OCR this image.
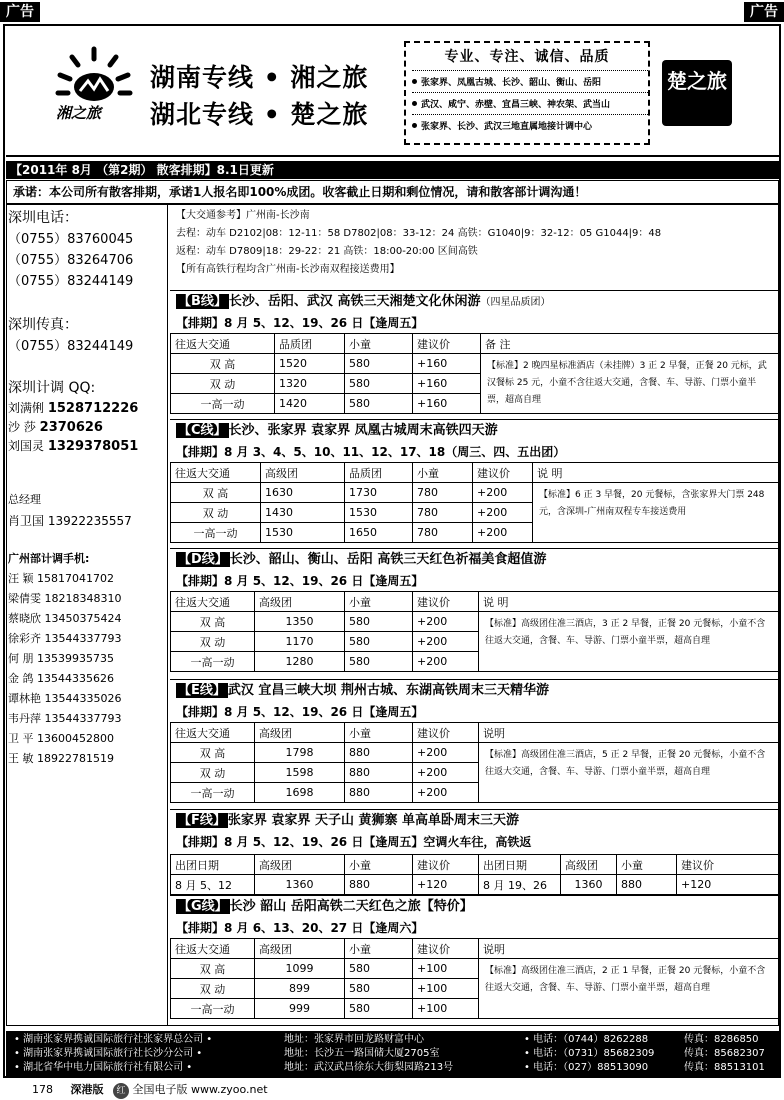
广告	广告
湘之旅
湖南专线 • 湘之旅
湖北专线 • 楚之旅
专业、专注、诚信、品质
张家界、凤凰古城、长沙、韶山、衡山、岳阳
武汉、咸宁、赤壁、宜昌三峡、神农架、武当山
张家界、长沙、武汉三地直属地接计调中心
楚之旅
【2011年 8月 （第2期） 散客排期】8.1日更新
承诺：本公司所有散客排期，承诺1人报名即100%成团。收客截止日期和剩位情况，请和散客部计调沟通！
深圳电话：
（0755）83760045
（0755）83264706
（0755）83244149
深圳传真：
（0755）83244149
深圳计调 QQ:
刘满俐 1528712226
沙 莎 2370626
刘国灵 1329378051
总经理
肖卫国 13922235557
广州部计调手机:
汪 颖 15817041702
梁倩雯 18218348310
蔡晓欣 13450375424
徐彩齐 13544337793
何 朋 13539935735
金 鸽 13544335626
谭林艳 13544335026
韦丹萍 13544337793
卫 平 13600452800
王 敏 18922781519
【大交通参考】广州南-长沙南
去程：动车 D2102|08：12-11：58 D7802|08：33-12：24 高铁：G1040|9：32-12：05 G1044|9：48
返程：动车 D7809|18：29-22：21 高铁：18:00-20:00 区间高铁
【所有高铁行程均含广州南-长沙南双程接送费用】
【B线】 长沙、岳阳、武汉 高铁三天湘楚文化休闲游（四星品质团）
【排期】8 月 5、12、19、26 日【逢周五】
往返大交通	品质团	小童	建议价	备 注
双 高	1520	580	+160	【标准】2 晚四星标准酒店（未挂牌）3 正 2 早餐，正餐 20 元标，武汉餐标 25 元，小童不含往返大交通，含餐、车、导游、门票小童半票，超高自理
双 动	1320	580	+160	
一高一动	1420	580	+160	
【C线】 长沙、张家界 袁家界 凤凰古城周末高铁四天游
【排期】8 月 3、4、5、10、11、12、17、18（周三、四、五出团）
往返大交通	高级团	品质团	小童	建议价	说 明
双 高	1630	1730	780	+200	【标准】6 正 3 早餐，20 元餐标，含张家界大门票 248 元，含深圳-广州南双程专车接送费用
双 动	1430	1530	780	+200	
一高一动	1530	1650	780	+200	
【D线】 长沙、韶山、衡山、岳阳 高铁三天红色祈福美食超值游
【排期】8 月 5、12、19、26 日【逢周五】
往返大交通	高级团	小童	建议价	说 明
双 高	1350	580	+200	【标准】高级团住准三酒店，3 正 2 早餐，正餐 20 元餐标，小童不含往返大交通，含餐、车、导游、门票小童半票，超高自理
双 动	1170	580	+200	
一高一动	1280	580	+200	
【E线】 武汉 宜昌三峡大坝 荆州古城、东湖高铁周末三天精华游
【排期】8 月 5、12、19、26 日【逢周五】
往返大交通	高级团	小童	建议价	说明
双 高	1798	880	+200	【标准】高级团住准三酒店，5 正 2 早餐，正餐 20 元餐标，小童不含往返大交通，含餐、车、导游、门票小童半票，超高自理
双 动	1598	880	+200	
一高一动	1698	880	+200	
【F线】 张家界 袁家界 天子山 黄狮寨 单高单卧周末三天游
【排期】8 月 5、12、19、26 日【逢周五】空调火车往，高铁返
出团日期	高级团	小童	建议价	出团日期	高级团	小童	建议价
8 月 5、12	1360	880	+120	8 月 19、26	1360	880	+120
【G线】 长沙 韶山 岳阳高铁二天红色之旅【特价】
【排期】8 月 6、13、20、27 日【逢周六】
往返大交通	高级团	小童	建议价	说明
双 高	1099	580	+100	【标准】高级团住准三酒店，2 正 1 早餐，正餐 20 元餐标，小童不含往返大交通，含餐、车、导游、门票小童半票，超高自理
双 动	899	580	+100	
一高一动	999	580	+100	
• 湖南张家界携诚国际旅行社张家界总公司 •	地址：张家界市回龙路财富中心	• 电话：（0744）8262288	传真：8286850
• 湖南张家界携诚国际旅行社长沙分公司 •	地址：长沙五一路国储大厦2705室	• 电话：（0731）85682309	传真：85682307
• 湖北省华中电力国际旅行社有限公司 •	地址：武汉武昌徐东大街梨园路213号	• 电话：（027）88513090	传真：88513101
178 深港版 红 全国电子版 www.zyoo.net
